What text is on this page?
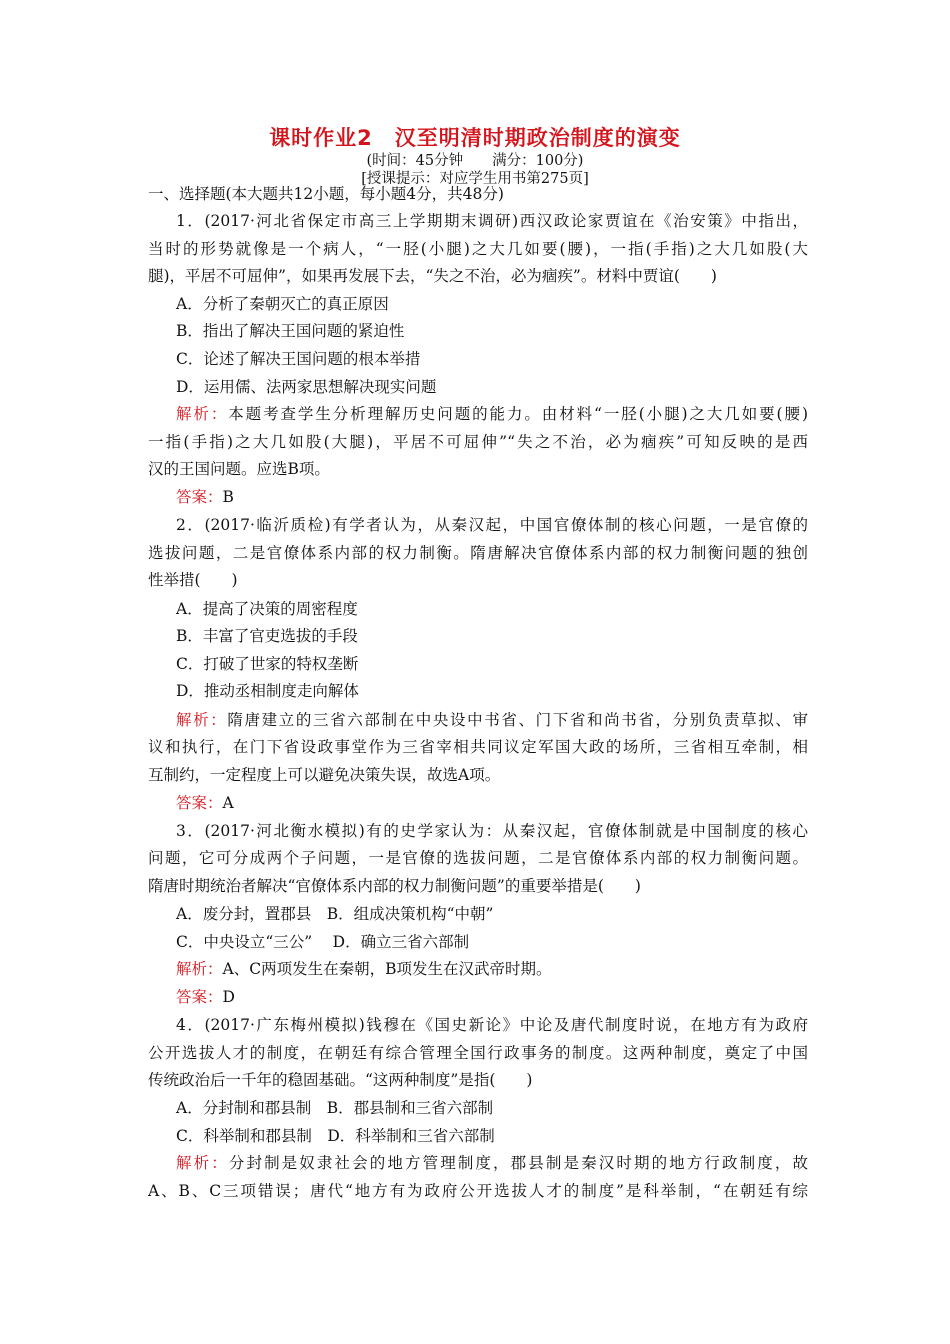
课时作业2　汉至明清时期政治制度的演变
(时间：45分钟　　满分：100分)
[授课提示：对应学生用书第275页]
一、选择题(本大题共12小题，每小题4分，共48分)
1．(2017·河北省保定市高三上学期期末调研)西汉政论家贾谊在《治安策》中指出，
当时的形势就像是一个病人，“一胫(小腿)之大几如要(腰)，一指(手指)之大几如股(大
腿)，平居不可屈伸”，如果再发展下去，“失之不治，必为痼疾”。材料中贾谊(　　)
A．分析了秦朝灭亡的真正原因
B．指出了解决王国问题的紧迫性
C．论述了解决王国问题的根本举措
D．运用儒、法两家思想解决现实问题
解析：本题考查学生分析理解历史问题的能力。由材料“一胫(小腿)之大几如要(腰)
一指(手指)之大几如股(大腿)，平居不可屈伸”“失之不治，必为痼疾”可知反映的是西
汉的王国问题。应选B项。
答案：B
2．(2017·临沂质检)有学者认为，从秦汉起，中国官僚体制的核心问题，一是官僚的
选拔问题，二是官僚体系内部的权力制衡。隋唐解决官僚体系内部的权力制衡问题的独创
性举措(　　)
A．提高了决策的周密程度
B．丰富了官吏选拔的手段
C．打破了世家的特权垄断
D．推动丞相制度走向解体
解析：隋唐建立的三省六部制在中央设中书省、门下省和尚书省，分别负责草拟、审
议和执行，在门下省设政事堂作为三省宰相共同议定军国大政的场所，三省相互牵制，相
互制约，一定程度上可以避免决策失误，故选A项。
答案：A
3．(2017·河北衡水模拟)有的史学家认为：从秦汉起，官僚体制就是中国制度的核心
问题，它可分成两个子问题，一是官僚的选拔问题，二是官僚体系内部的权力制衡问题。
隋唐时期统治者解决“官僚体系内部的权力制衡问题”的重要举措是(　　)
A．废分封，置郡县　B．组成决策机构“中朝”
C．中央设立“三公”　 D．确立三省六部制
解析：A、C两项发生在秦朝，B项发生在汉武帝时期。
答案：D
4．(2017·广东梅州模拟)钱穆在《国史新论》中论及唐代制度时说，在地方有为政府
公开选拔人才的制度，在朝廷有综合管理全国行政事务的制度。这两种制度，奠定了中国
传统政治后一千年的稳固基础。“这两种制度”是指(　　)
A．分封制和郡县制　B．郡县制和三省六部制
C．科举制和郡县制　D．科举制和三省六部制
解析：分封制是奴隶社会的地方管理制度，郡县制是秦汉时期的地方行政制度，故
A、B、C三项错误；唐代“地方有为政府公开选拔人才的制度”是科举制，“在朝廷有综
